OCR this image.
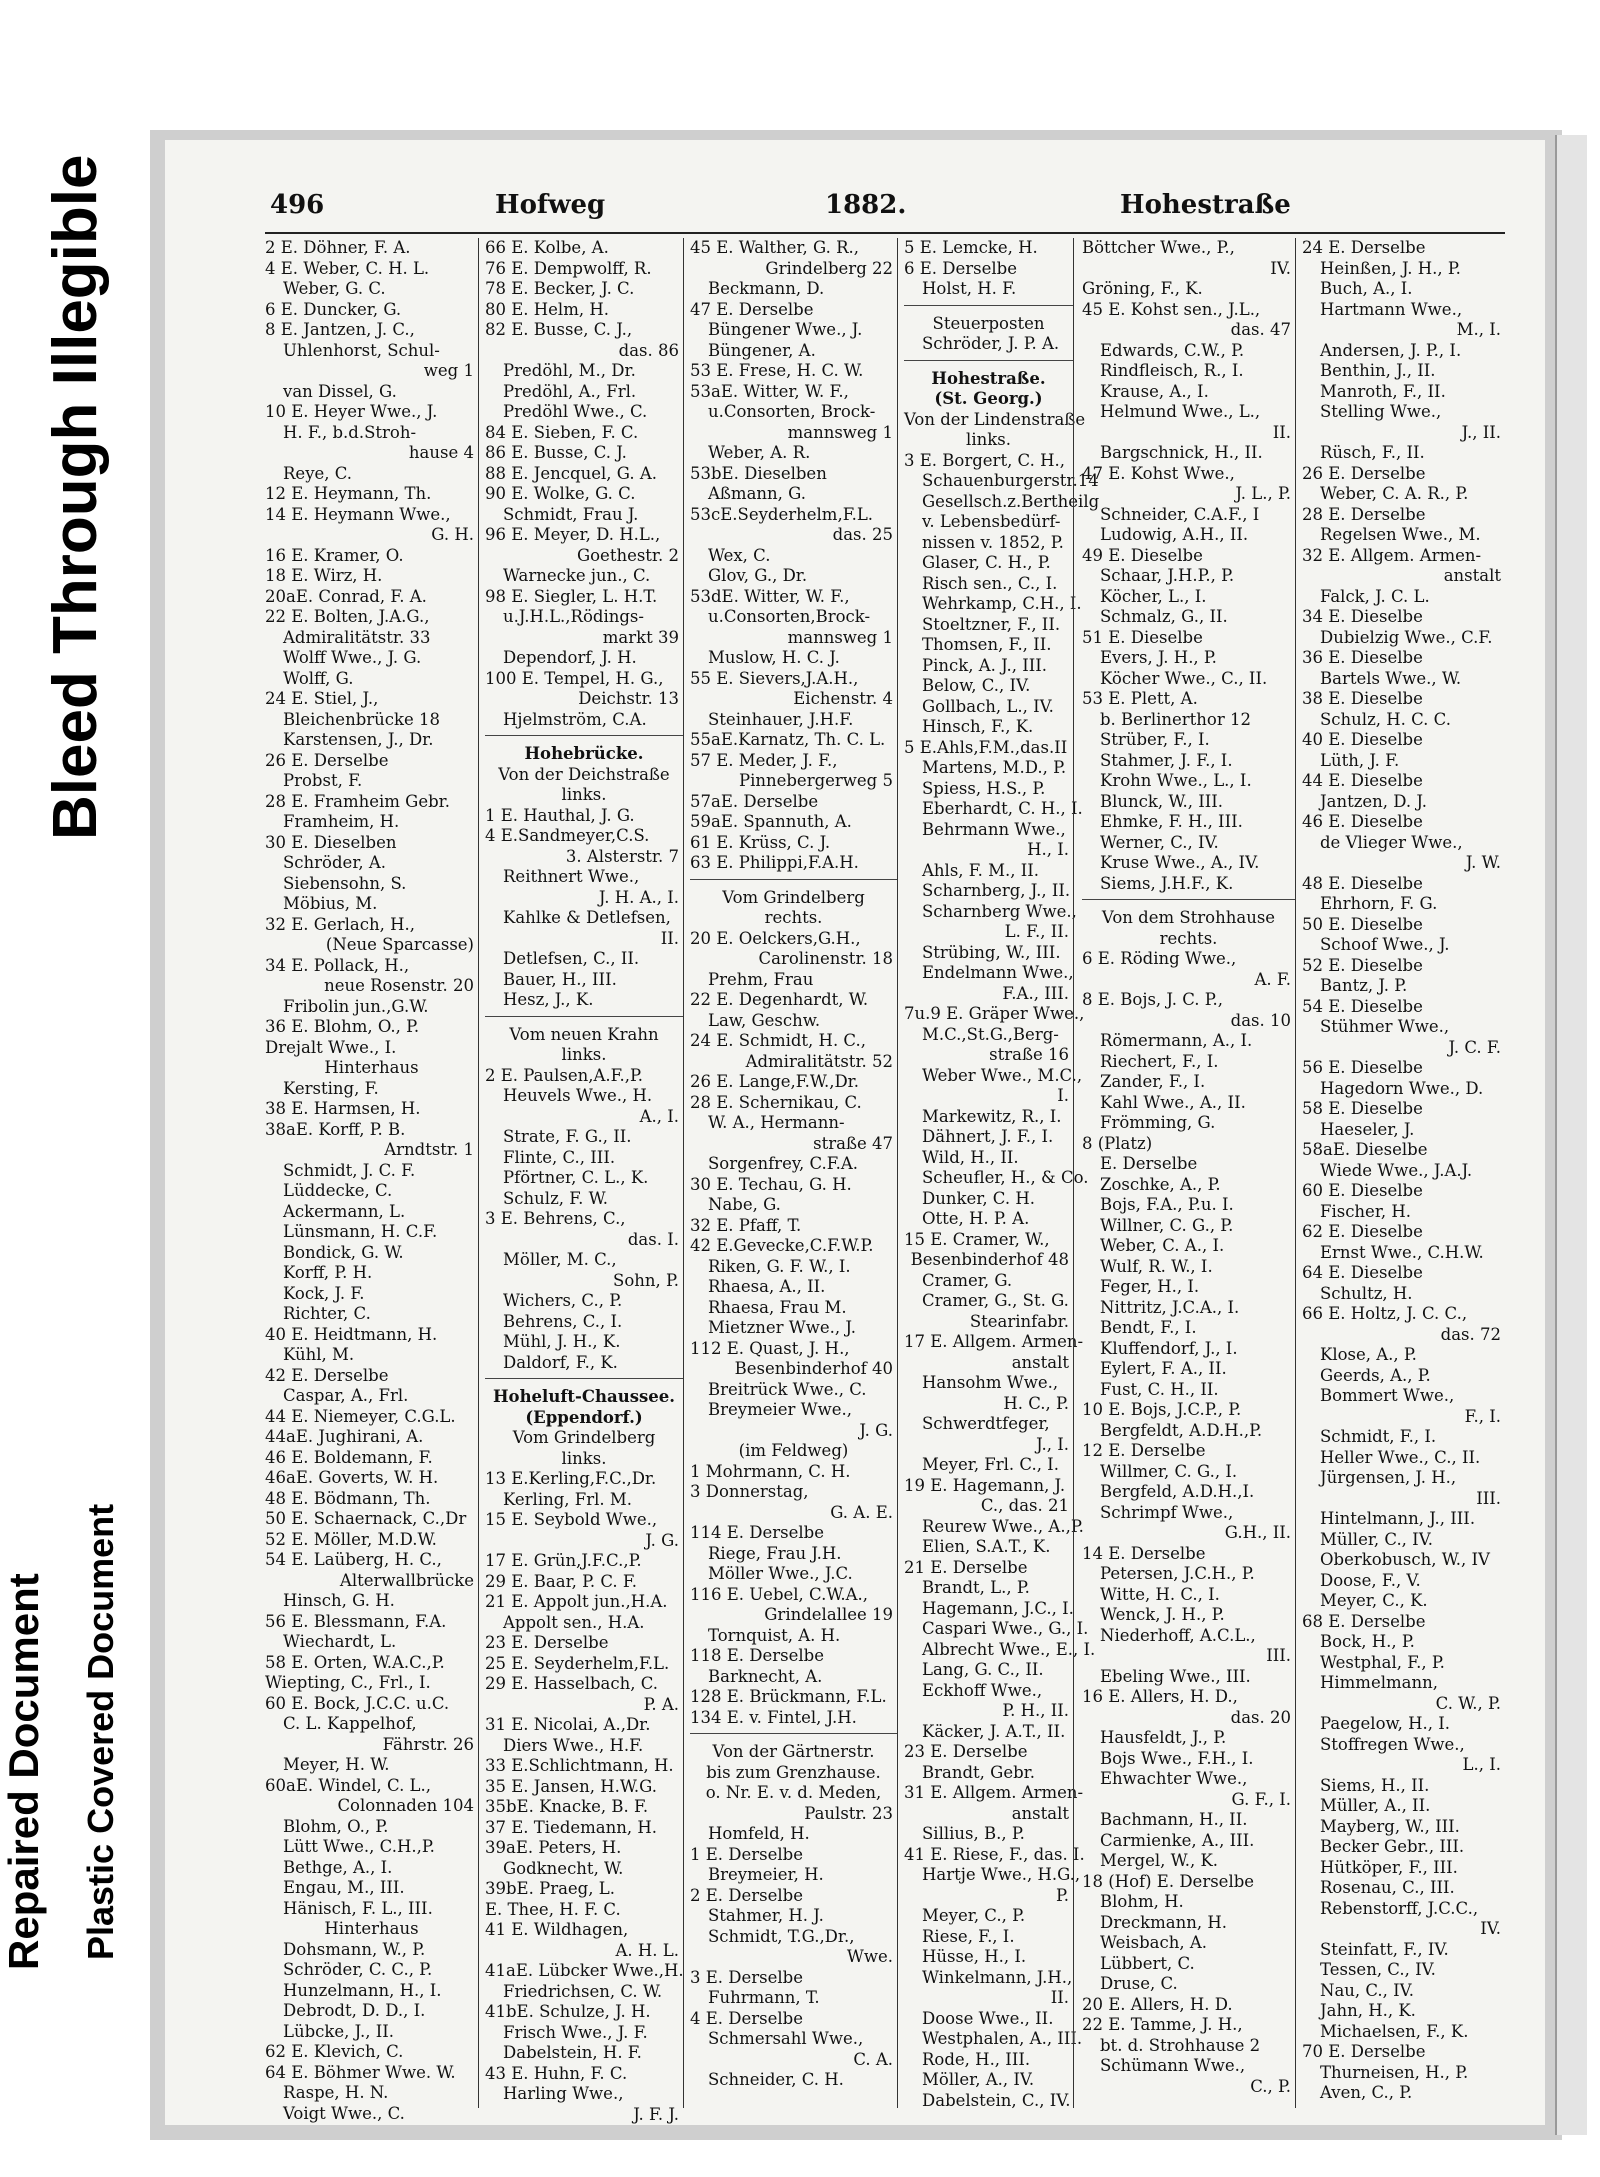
Bleed Through Illegible
Repaired Document Plastic Covered Document
496	Hofweg	1882.	Hohestraße
2 E. Döhner, F. A.
4 E. Weber, C. H. L.
Weber, G. C.
6 E. Duncker, G.
8 E. Jantzen, J. C.,
Uhlenhorst, Schul-
weg 1
van Dissel, G.
10 E. Heyer Wwe., J.
H. F., b.d.Stroh-
hause 4
Reye, C.
12 E. Heymann, Th.
14 E. Heymann Wwe.,
G. H.
16 E. Kramer, O.
18 E. Wirz, H.
20aE. Conrad, F. A.
22 E. Bolten, J.A.G.,
Admiralitätstr. 33
Wolff Wwe., J. G.
Wolff, G.
24 E. Stiel, J.,
Bleichenbrücke 18
Karstensen, J., Dr.
26 E. Derselbe
Probst, F.
28 E. Framheim Gebr.
Framheim, H.
30 E. Dieselben
Schröder, A.
Siebensohn, S.
Möbius, M.
32 E. Gerlach, H.,
(Neue Sparcasse)
34 E. Pollack, H.,
neue Rosenstr. 20
Fribolin jun.,G.W.
36 E. Blohm, O., P.
Drejalt Wwe., I.
Hinterhaus
Kersting, F.
38 E. Harmsen, H.
38aE. Korff, P. B.
Arndtstr. 1
Schmidt, J. C. F.
Lüddecke, C.
Ackermann, L.
Lünsmann, H. C.F.
Bondick, G. W.
Korff, P. H.
Kock, J. F.
Richter, C.
40 E. Heidtmann, H.
Kühl, M.
42 E. Derselbe
Caspar, A., Frl.
44 E. Niemeyer, C.G.L.
44aE. Jughirani, A.
46 E. Boldemann, F.
46aE. Goverts, W. H.
48 E. Bödmann, Th.
50 E. Schaernack, C.,Dr
52 E. Möller, M.D.W.
54 E. Laüberg, H. C.,
Alterwallbrücke
Hinsch, G. H.
56 E. Blessmann, F.A.
Wiechardt, L.
58 E. Orten, W.A.C.,P.
Wiepting, C., Frl., I.
60 E. Bock, J.C.C. u.C.
C. L. Kappelhof,
Fährstr. 26
Meyer, H. W.
60aE. Windel, C. L.,
Colonnaden 104
Blohm, O., P.
Lütt Wwe., C.H.,P.
Bethge, A., I.
Engau, M., III.
Hänisch, F. L., III.
Hinterhaus
Dohsmann, W., P.
Schröder, C. C., P.
Hunzelmann, H., I.
Debrodt, D. D., I.
Lübcke, J., II.
62 E. Klevich, C.
64 E. Böhmer Wwe. W.
Raspe, H. N.
Voigt Wwe., C.
66 E. Kolbe, A.
76 E. Dempwolff, R.
78 E. Becker, J. C.
80 E. Helm, H.
82 E. Busse, C. J.,
das. 86
Predöhl, M., Dr.
Predöhl, A., Frl.
Predöhl Wwe., C.
84 E. Sieben, F. C.
86 E. Busse, C. J.
88 E. Jencquel, G. A.
90 E. Wolke, G. C.
Schmidt, Frau J.
96 E. Meyer, D. H.L.,
Goethestr. 2
Warnecke jun., C.
98 E. Siegler, L. H.T.
u.J.H.L.,Rödings-
markt 39
Dependorf, J. H.
100 E. Tempel, H. G.,
Deichstr. 13
Hjelmström, C.A.
Hohebrücke.
Von der Deichstraße
links.
1 E. Hauthal, J. G.
4 E.Sandmeyer,C.S.
3. Alsterstr. 7
Reithnert Wwe.,
J. H. A., I.
Kahlke & Detlefsen,
II.
Detlefsen, C., II.
Bauer, H., III.
Hesz, J., K.
Vom neuen Krahn
links.
2 E. Paulsen,A.F.,P.
Heuvels Wwe., H.
A., I.
Strate, F. G., II.
Flinte, C., III.
Pförtner, C. L., K.
Schulz, F. W.
3 E. Behrens, C.,
das. I.
Möller, M. C.,
Sohn, P.
Wichers, C., P.
Behrens, C., I.
Mühl, J. H., K.
Daldorf, F., K.
Hoheluft-Chaussee.
(Eppendorf.)
Vom Grindelberg
links.
13 E.Kerling,F.C.,Dr.
Kerling, Frl. M.
15 E. Seybold Wwe.,
J. G.
17 E. Grün,J.F.C.,P.
29 E. Baar, P. C. F.
21 E. Appolt jun.,H.A.
Appolt sen., H.A.
23 E. Derselbe
25 E. Seyderhelm,F.L.
29 E. Hasselbach, C.
P. A.
31 E. Nicolai, A.,Dr.
Diers Wwe., H.F.
33 E.Schlichtmann, H.
35 E. Jansen, H.W.G.
35bE. Knacke, B. F.
37 E. Tiedemann, H.
39aE. Peters, H.
Godknecht, W.
39bE. Praeg, L.
E. Thee, H. F. C.
41 E. Wildhagen,
A. H. L.
41aE. Lübcker Wwe.,H.
Friedrichsen, C. W.
41bE. Schulze, J. H.
Frisch Wwe., J. F.
Dabelstein, H. F.
43 E. Huhn, F. C.
Harling Wwe.,
J. F. J.
45 E. Walther, G. R.,
Grindelberg 22
Beckmann, D.
47 E. Derselbe
Büngener Wwe., J.
Büngener, A.
53 E. Frese, H. C. W.
53aE. Witter, W. F.,
u.Consorten, Brock-
mannsweg 1
Weber, A. R.
53bE. Dieselben
Aßmann, G.
53cE.Seyderhelm,F.L.
das. 25
Wex, C.
Glov, G., Dr.
53dE. Witter, W. F.,
u.Consorten,Brock-
mannsweg 1
Muslow, H. C. J.
55 E. Sievers,J.A.H.,
Eichenstr. 4
Steinhauer, J.H.F.
55aE.Karnatz, Th. C. L.
57 E. Meder, J. F.,
Pinnebergerweg 5
57aE. Derselbe
59aE. Spannuth, A.
61 E. Krüss, C. J.
63 E. Philippi,F.A.H.
Vom Grindelberg
rechts.
20 E. Oelckers,G.H.,
Carolinenstr. 18
Prehm, Frau
22 E. Degenhardt, W.
Law, Geschw.
24 E. Schmidt, H. C.,
Admiralitätstr. 52
26 E. Lange,F.W.,Dr.
28 E. Schernikau, C.
W. A., Hermann-
straße 47
Sorgenfrey, C.F.A.
30 E. Techau, G. H.
Nabe, G.
32 E. Pfaff, T.
42 E.Gevecke,C.F.W.P.
Riken, G. F. W., I.
Rhaesa, A., II.
Rhaesa, Frau M.
Mietzner Wwe., J.
112 E. Quast, J. H.,
Besenbinderhof 40
Breitrück Wwe., C.
Breymeier Wwe.,
J. G.
(im Feldweg)
1 Mohrmann, C. H.
3 Donnerstag,
G. A. E.
114 E. Derselbe
Riege, Frau J.H.
Möller Wwe., J.C.
116 E. Uebel, C.W.A.,
Grindelallee 19
Tornquist, A. H.
118 E. Derselbe
Barknecht, A.
128 E. Brückmann, F.L.
134 E. v. Fintel, J.H.
Von der Gärtnerstr.
bis zum Grenzhause.
o. Nr. E. v. d. Meden,
Paulstr. 23
Homfeld, H.
1 E. Derselbe
Breymeier, H.
2 E. Derselbe
Stahmer, H. J.
Schmidt, T.G.,Dr.,
Wwe.
3 E. Derselbe
Fuhrmann, T.
4 E. Derselbe
Schmersahl Wwe.,
C. A.
Schneider, C. H.
5 E. Lemcke, H.
6 E. Derselbe
Holst, H. F.
Steuerposten
Schröder, J. P. A.
Hohestraße.
(St. Georg.)
Von der Lindenstraße
links.
3 E. Borgert, C. H.,
Schauenburgerstr.14
Gesellsch.z.Bertheilg
v. Lebensbedürf-
nissen v. 1852, P.
Glaser, C. H., P.
Risch sen., C., I.
Wehrkamp, C.H., I.
Stoeltzner, F., II.
Thomsen, F., II.
Pinck, A. J., III.
Below, C., IV.
Gollbach, L., IV.
Hinsch, F., K.
5 E.Ahls,F.M.,das.II
Martens, M.D., P.
Spiess, H.S., P.
Eberhardt, C. H., I.
Behrmann Wwe.,
H., I.
Ahls, F. M., II.
Scharnberg, J., II.
Scharnberg Wwe.,
L. F., II.
Strübing, W., III.
Endelmann Wwe.,
F.A., III.
7u.9 E. Gräper Wwe.,
M.C.,St.G.,Berg-
straße 16
Weber Wwe., M.C.,
I.
Markewitz, R., I.
Dähnert, J. F., I.
Wild, H., II.
Scheufler, H., & Co.
Dunker, C. H.
Otte, H. P. A.
15 E. Cramer, W.,
Besenbinderhof 48
Cramer, G.
Cramer, G., St. G.
Stearinfabr.
17 E. Allgem. Armen-
anstalt
Hansohm Wwe.,
H. C., P.
Schwerdtfeger,
J., I.
Meyer, Frl. C., I.
19 E. Hagemann, J.
C., das. 21
Reurew Wwe., A.,P.
Elien, S.A.T., K.
21 E. Derselbe
Brandt, L., P.
Hagemann, J.C., I.
Caspari Wwe., G., I.
Albrecht Wwe., E., I.
Lang, G. C., II.
Eckhoff Wwe.,
P. H., II.
Käcker, J. A.T., II.
23 E. Derselbe
Brandt, Gebr.
31 E. Allgem. Armen-
anstalt
Sillius, B., P.
41 E. Riese, F., das. I.
Hartje Wwe., H.G.,
P.
Meyer, C., P.
Riese, F., I.
Hüsse, H., I.
Winkelmann, J.H.,
II.
Doose Wwe., II.
Westphalen, A., III.
Rode, H., III.
Möller, A., IV.
Dabelstein, C., IV.
Böttcher Wwe., P.,
IV.
Gröning, F., K.
45 E. Kohst sen., J.L.,
das. 47
Edwards, C.W., P.
Rindfleisch, R., I.
Krause, A., I.
Helmund Wwe., L.,
II.
Bargschnick, H., II.
47 E. Kohst Wwe.,
J. L., P.
Schneider, C.A.F., I
Ludowig, A.H., II.
49 E. Dieselbe
Schaar, J.H.P., P.
Köcher, L., I.
Schmalz, G., II.
51 E. Dieselbe
Evers, J. H., P.
Köcher Wwe., C., II.
53 E. Plett, A.
b. Berlinerthor 12
Strüber, F., I.
Stahmer, J. F., I.
Krohn Wwe., L., I.
Blunck, W., III.
Ehmke, F. H., III.
Werner, C., IV.
Kruse Wwe., A., IV.
Siems, J.H.F., K.
Von dem Strohhause
rechts.
6 E. Röding Wwe.,
A. F.
8 E. Bojs, J. C. P.,
das. 10
Römermann, A., I.
Riechert, F., I.
Zander, F., I.
Kahl Wwe., A., II.
Frömming, G.
8 (Platz)
E. Derselbe
Zoschke, A., P.
Bojs, F.A., P.u. I.
Willner, C. G., P.
Weber, C. A., I.
Wulf, R. W., I.
Feger, H., I.
Nittritz, J.C.A., I.
Bendt, F., I.
Kluffendorf, J., I.
Eylert, F. A., II.
Fust, C. H., II.
10 E. Bojs, J.C.P., P.
Bergfeldt, A.D.H.,P.
12 E. Derselbe
Willmer, C. G., I.
Bergfeld, A.D.H.,I.
Schrimpf Wwe.,
G.H., II.
14 E. Derselbe
Petersen, J.C.H., P.
Witte, H. C., I.
Wenck, J. H., P.
Niederhoff, A.C.L.,
III.
Ebeling Wwe., III.
16 E. Allers, H. D.,
das. 20
Hausfeldt, J., P.
Bojs Wwe., F.H., I.
Ehwachter Wwe.,
G. F., I.
Bachmann, H., II.
Carmienke, A., III.
Mergel, W., K.
18 (Hof) E. Derselbe
Blohm, H.
Dreckmann, H.
Weisbach, A.
Lübbert, C.
Druse, C.
20 E. Allers, H. D.
22 E. Tamme, J. H.,
bt. d. Strohhause 2
Schümann Wwe.,
C., P.
24 E. Derselbe
Heinßen, J. H., P.
Buch, A., I.
Hartmann Wwe.,
M., I.
Andersen, J. P., I.
Benthin, J., II.
Manroth, F., II.
Stelling Wwe.,
J., II.
Rüsch, F., II.
26 E. Derselbe
Weber, C. A. R., P.
28 E. Derselbe
Regelsen Wwe., M.
32 E. Allgem. Armen-
anstalt
Falck, J. C. L.
34 E. Dieselbe
Dubielzig Wwe., C.F.
36 E. Dieselbe
Bartels Wwe., W.
38 E. Dieselbe
Schulz, H. C. C.
40 E. Dieselbe
Lüth, J. F.
44 E. Dieselbe
Jantzen, D. J.
46 E. Dieselbe
de Vlieger Wwe.,
J. W.
48 E. Dieselbe
Ehrhorn, F. G.
50 E. Dieselbe
Schoof Wwe., J.
52 E. Dieselbe
Bantz, J. P.
54 E. Dieselbe
Stühmer Wwe.,
J. C. F.
56 E. Dieselbe
Hagedorn Wwe., D.
58 E. Dieselbe
Haeseler, J.
58aE. Dieselbe
Wiede Wwe., J.A.J.
60 E. Dieselbe
Fischer, H.
62 E. Dieselbe
Ernst Wwe., C.H.W.
64 E. Dieselbe
Schultz, H.
66 E. Holtz, J. C. C.,
das. 72
Klose, A., P.
Geerds, A., P.
Bommert Wwe.,
F., I.
Schmidt, F., I.
Heller Wwe., C., II.
Jürgensen, J. H.,
III.
Hintelmann, J., III.
Müller, C., IV.
Oberkobusch, W., IV
Doose, F., V.
Meyer, C., K.
68 E. Derselbe
Bock, H., P.
Westphal, F., P.
Himmelmann,
C. W., P.
Paegelow, H., I.
Stoffregen Wwe.,
L., I.
Siems, H., II.
Müller, A., II.
Mayberg, W., III.
Becker Gebr., III.
Hütköper, F., III.
Rosenau, C., III.
Rebenstorff, J.C.C.,
IV.
Steinfatt, F., IV.
Tessen, C., IV.
Nau, C., IV.
Jahn, H., K.
Michaelsen, F., K.
70 E. Derselbe
Thurneisen, H., P.
Aven, C., P.
